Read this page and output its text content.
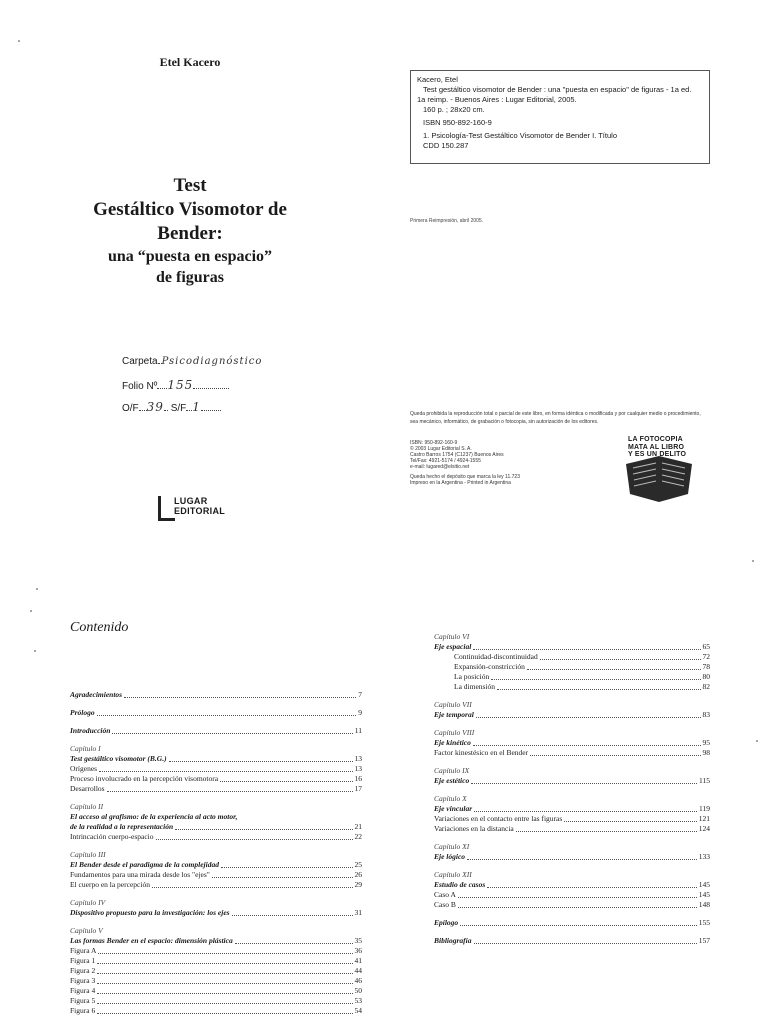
Etel Kacero
Test
Gestáltico Visomotor de
Bender:
una “puesta en espacio”
de figuras
Carpeta Psicodiagnóstico
Folio Nº 155
O/F 39 S/F 1
LUGAR
EDITORIAL
Kacero, Etel
Test gestáltico visomotor de Bender : una "puesta en espacio" de figuras - 1a ed.
1a reimp. - Buenos Aires : Lugar Editorial, 2005.
160 p. ; 28x20 cm.
ISBN 950-892-160-9
1. Psicología-Test Gestáltico Visomotor de Bender I. Título
CDD 150.287
Primera Reimpresión, abril 2005.
Queda prohibida la reproducción total o parcial de este libro, en forma idéntica o modificada y por cualquier medio o procedimiento, sea mecánico, informático, de grabación o fotocopia, sin autorización de los editores.
ISBN: 950-892-160-9
© 2003 Lugar Editorial S. A.
Castro Barros 1754 (C1237) Buenos Aires
Tel/Fax: 4921-5174 / 4924-1555
e-mail: lugared@elsitio.net
Queda hecho el depósito que marca la ley 11.723
Impreso en la Argentina - Printed in Argentina
LA FOTOCOPIA
MATA AL LIBRO
Y ES UN DELITO
Contenido
Agradecimientos	7
Prólogo	9
Introducción	11
Capítulo I
Test gestáltico visomotor (B.G.)	13
Orígenes	13
Proceso involucrado en la percepción visomotora	16
Desarrollos	17
Capítulo II
El acceso al grafismo: de la experiencia al acto motor,
de la realidad a la representación	21
Intrincación cuerpo-espacio	22
Capítulo III
El Bender desde el paradigma de la complejidad	25
Fundamentos para una mirada desde los "ejes"	26
El cuerpo en la percepción	29
Capítulo IV
Dispositivo propuesto para la investigación: los ejes	31
Capítulo V
Las formas Bender en el espacio: dimensión plástica	35
Figura A	36
Figura 1	41
Figura 2	44
Figura 3	46
Figura 4	50
Figura 5	53
Figura 6	54
Capítulo VI
Eje espacial	65
Continuidad-discontinuidad	72
Expansión-constricción	78
La posición	80
La dimensión	82
Capítulo VII
Eje temporal	83
Capítulo VIII
Eje kinético	95
Factor kinestésico en el Bender	98
Capítulo IX
Eje estético	115
Capítulo X
Eje vincular	119
Variaciones en el contacto entre las figuras	121
Variaciones en la distancia	124
Capítulo XI
Eje lógico	133
Capítulo XII
Estudio de casos	145
Caso A	145
Caso B	148
Epílogo	155
Bibliografía	157
